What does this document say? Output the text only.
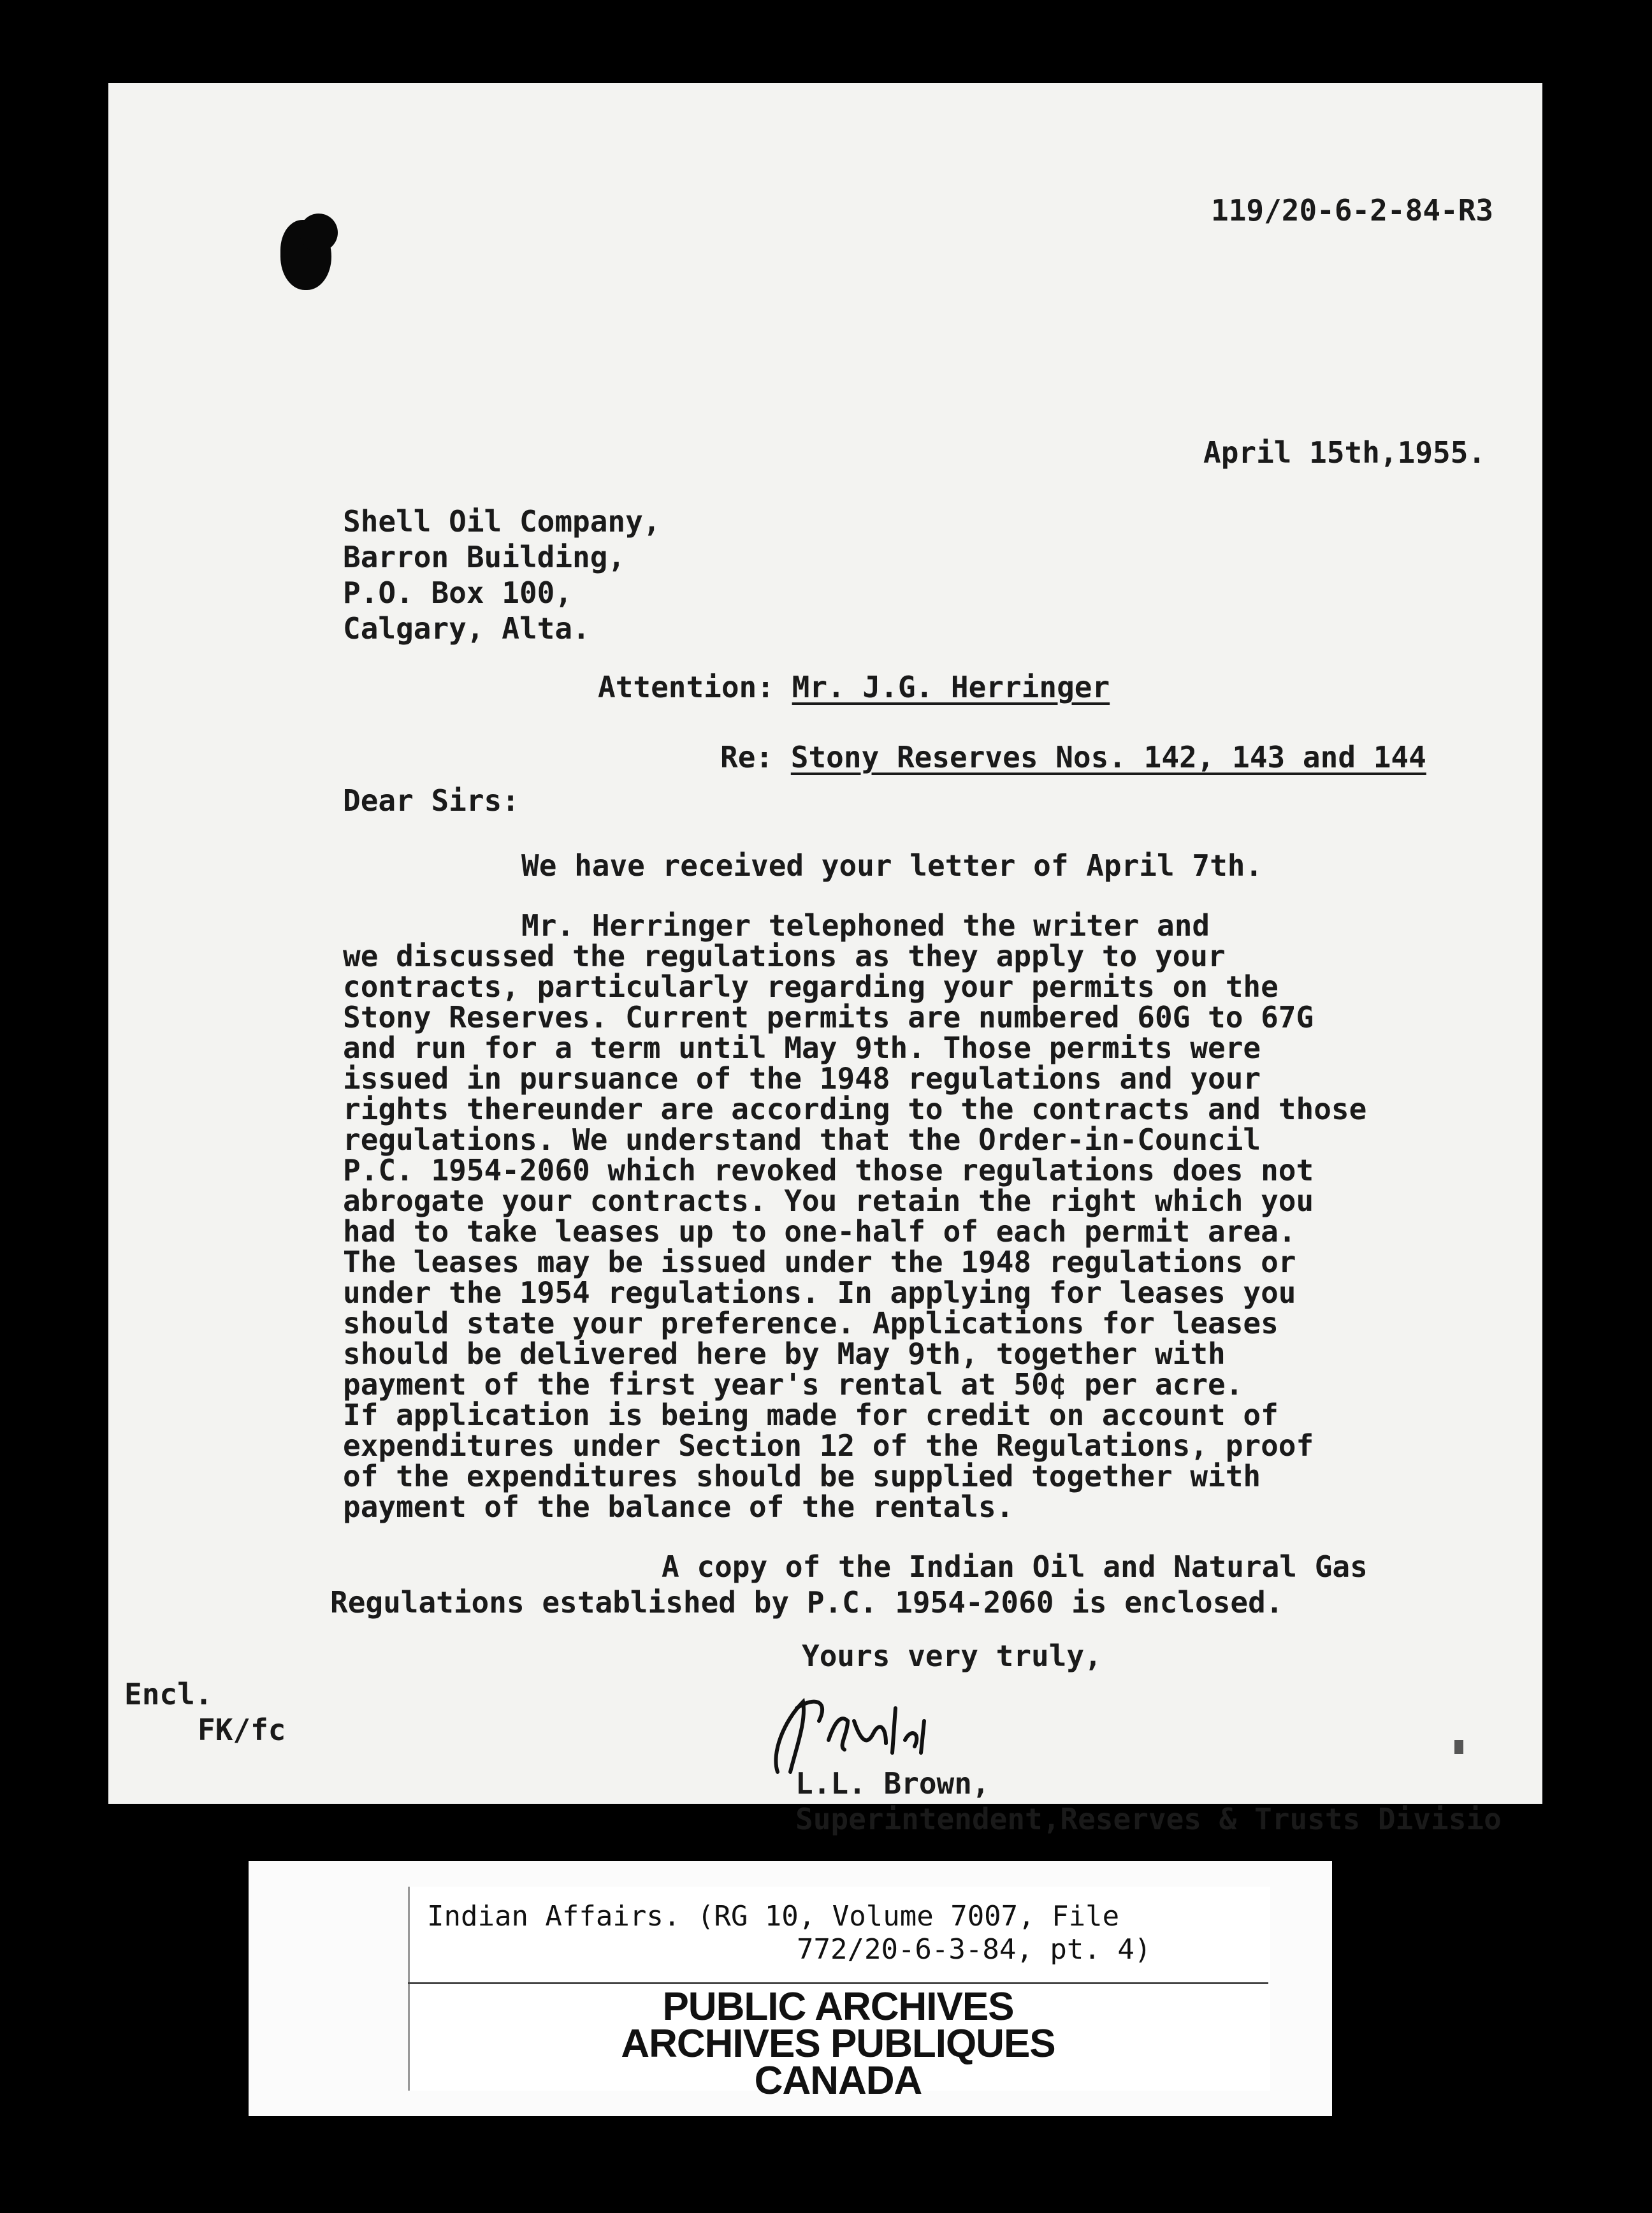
119/20-6-2-84-R3
April 15th,1955.
Shell Oil Company,
Barron Building,
P.O. Box 100,
Calgary, Alta.
Attention: Mr. J.G. Herringer
Re: Stony Reserves Nos. 142, 143 and 144
Dear Sirs:
We have received your letter of April 7th.
Mr. Herringer telephoned the writer and
we discussed the regulations as they apply to your
contracts, particularly regarding your permits on the
Stony Reserves. Current permits are numbered 60G to 67G
and run for a term until May 9th. Those permits were
issued in pursuance of the 1948 regulations and your
rights thereunder are according to the contracts and those
regulations. We understand that the Order-in-Council
P.C. 1954-2060 which revoked those regulations does not
abrogate your contracts. You retain the right which you
had to take leases up to one-half of each permit area.
The leases may be issued under the 1948 regulations or
under the 1954 regulations. In applying for leases you
should state your preference. Applications for leases
should be delivered here by May 9th, together with
payment of the first year's rental at 50¢ per acre.
If application is being made for credit on account of
expenditures under Section 12 of the Regulations, proof
of the expenditures should be supplied together with
payment of the balance of the rentals.
A copy of the Indian Oil and Natural Gas
Regulations established by P.C. 1954-2060 is enclosed.
Yours very truly,
Encl.
FK/fc
L.L. Brown,
Superintendent,Reserves & Trusts Divisio
Indian Affairs. (RG 10, Volume 7007, File
772/20-6-3-84, pt. 4)
PUBLIC ARCHIVES
ARCHIVES PUBLIQUES
CANADA
